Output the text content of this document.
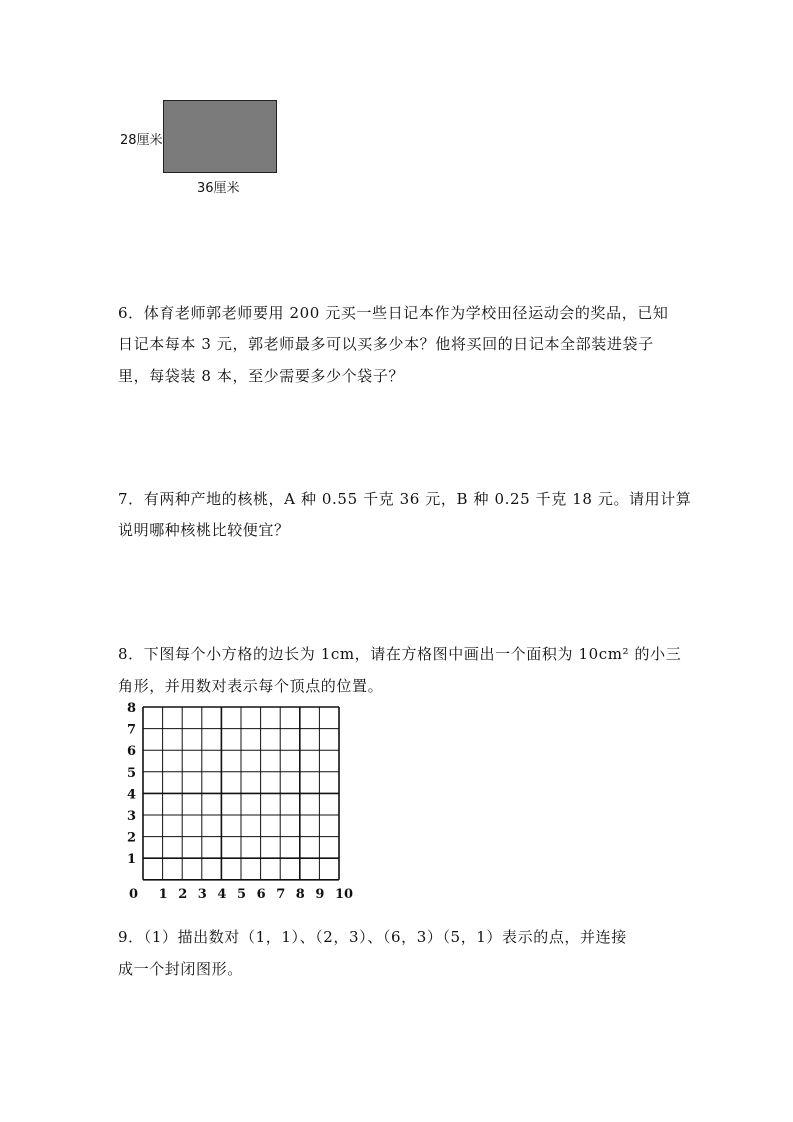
28厘米
36厘米
6．体育老师郭老师要用 200 元买一些日记本作为学校田径运动会的奖品，已知
日记本每本 3 元，郭老师最多可以买多少本？他将买回的日记本全部装进袋子
里，每袋装 8 本，至少需要多少个袋子？
7．有两种产地的核桃，A 种 0.55 千克 36 元，B 种 0.25 千克 18 元。请用计算
说明哪种核桃比较便宜？
8．下图每个小方格的边长为 1cm，请在方格图中画出一个面积为 10cm² 的小三
角形，并用数对表示每个顶点的位置。
0 1 2 3 4 5 6 7 8 9 10
1
2
3
4
5
6
7
8
9．（1）描出数对（1，1）、（2，3）、（6，3）（5，1）表示的点，并连接
成一个封闭图形。
